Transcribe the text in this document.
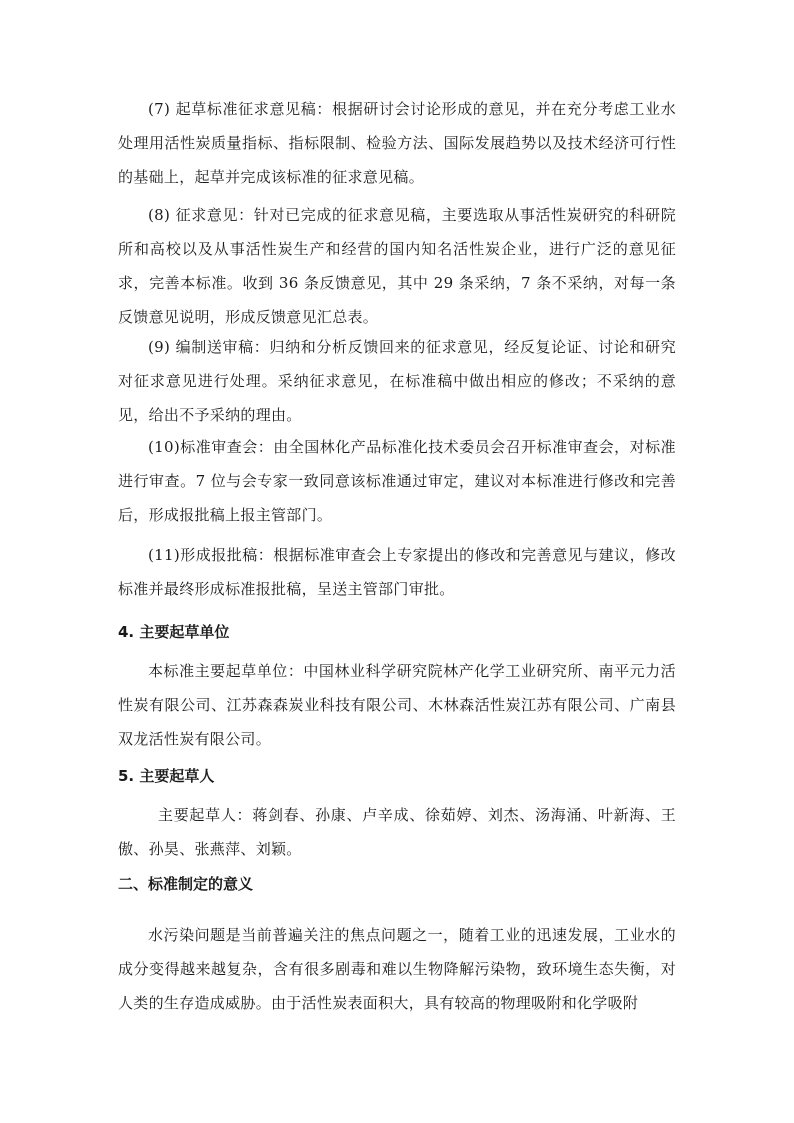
(7) 起草标准征求意见稿：根据研讨会讨论形成的意见，并在充分考虑工业水处理用活性炭质量指标、指标限制、检验方法、国际发展趋势以及技术经济可行性的基础上，起草并完成该标准的征求意见稿。

(8) 征求意见：针对已完成的征求意见稿，主要选取从事活性炭研究的科研院所和高校以及从事活性炭生产和经营的国内知名活性炭企业，进行广泛的意见征求，完善本标准。收到 36 条反馈意见，其中 29 条采纳，7 条不采纳，对每一条反馈意见说明，形成反馈意见汇总表。

(9) 编制送审稿：归纳和分析反馈回来的征求意见，经反复论证、讨论和研究对征求意见进行处理。采纳征求意见，在标准稿中做出相应的修改；不采纳的意见，给出不予采纳的理由。

(10)标准审查会：由全国林化产品标准化技术委员会召开标准审查会，对标准进行审查。7 位与会专家一致同意该标准通过审定，建议对本标准进行修改和完善后，形成报批稿上报主管部门。

(11)形成报批稿：根据标准审查会上专家提出的修改和完善意见与建议，修改标准并最终形成标准报批稿，呈送主管部门审批。

4. 主要起草单位

本标准主要起草单位：中国林业科学研究院林产化学工业研究所、南平元力活性炭有限公司、江苏森森炭业科技有限公司、木林森活性炭江苏有限公司、广南县双龙活性炭有限公司。

5. 主要起草人

主要起草人：蒋剑春、孙康、卢辛成、徐茹婷、刘杰、汤海涌、叶新海、王傲、孙昊、张燕萍、刘颖。

二、标准制定的意义

水污染问题是当前普遍关注的焦点问题之一，随着工业的迅速发展，工业水的成分变得越来越复杂，含有很多剧毒和难以生物降解污染物，致环境生态失衡，对人类的生存造成威胁。由于活性炭表面积大，具有较高的物理吸附和化学吸附
